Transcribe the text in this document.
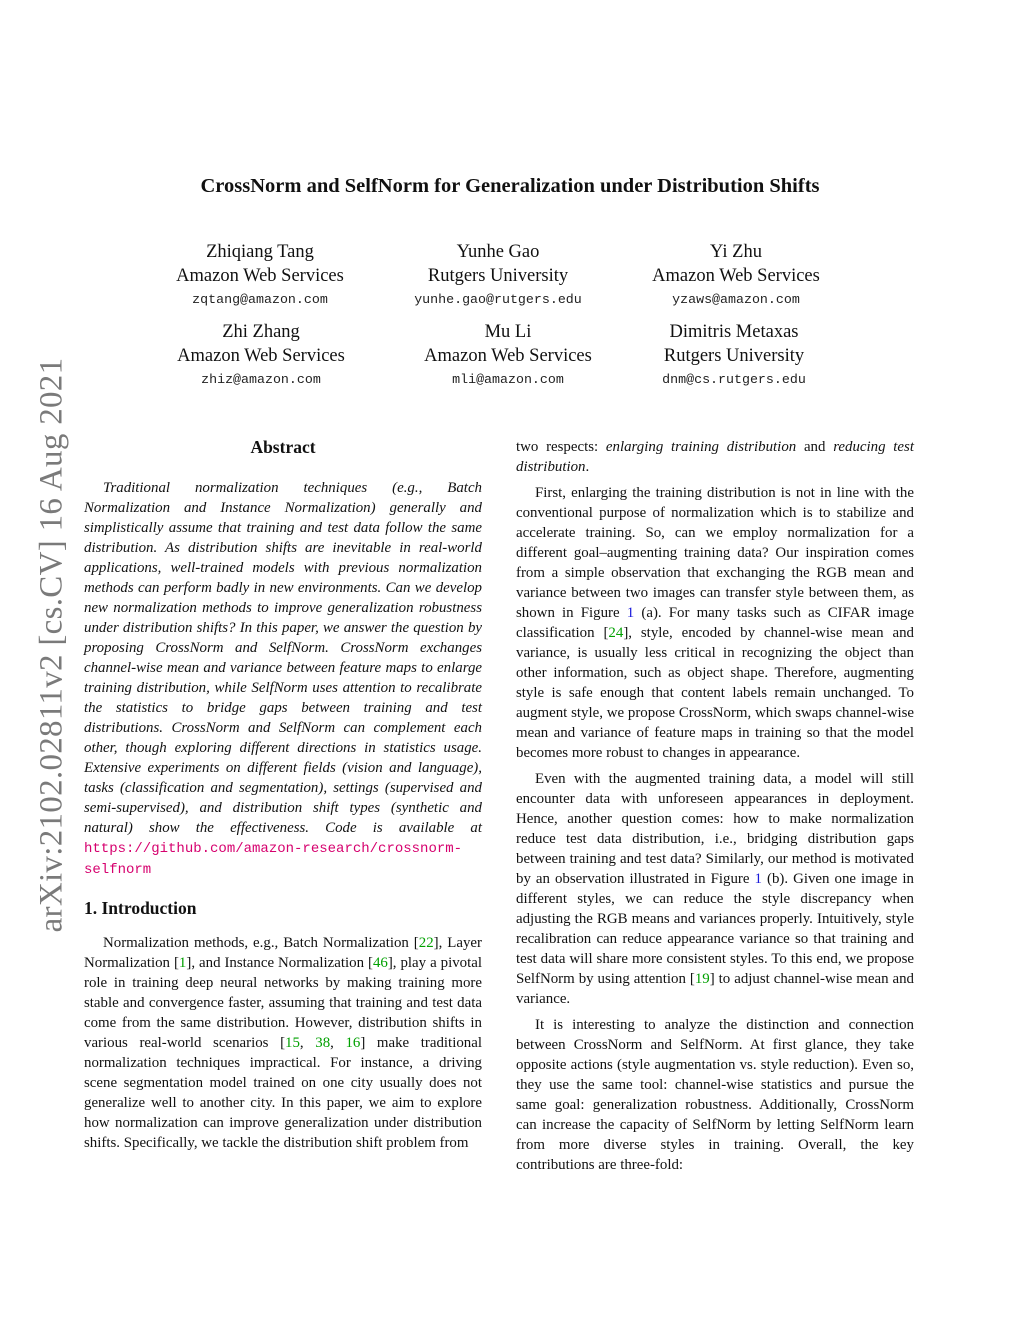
arXiv:2102.02811v2 [cs.CV] 16 Aug 2021
CrossNorm and SelfNorm for Generalization under Distribution Shifts
Zhiqiang Tang
Amazon Web Services
zqtang@amazon.com
Yunhe Gao
Rutgers University
yunhe.gao@rutgers.edu
Yi Zhu
Amazon Web Services
yzaws@amazon.com
Zhi Zhang
Amazon Web Services
zhiz@amazon.com
Mu Li
Amazon Web Services
mli@amazon.com
Dimitris Metaxas
Rutgers University
dnm@cs.rutgers.edu
Abstract

Traditional normalization techniques (e.g., Batch Normalization and Instance Normalization) generally and simplistically assume that training and test data follow the same distribution. As distribution shifts are inevitable in real-world applications, well-trained models with previous normalization methods can perform badly in new environments. Can we develop new normalization methods to improve generalization robustness under distribution shifts? In this paper, we answer the question by proposing CrossNorm and SelfNorm. CrossNorm exchanges channel-wise mean and variance between feature maps to enlarge training distribution, while SelfNorm uses attention to recalibrate the statistics to bridge gaps between training and test distributions. CrossNorm and SelfNorm can complement each other, though exploring different directions in statistics usage. Extensive experiments on different fields (vision and language), tasks (classification and segmentation), settings (supervised and semi-supervised), and distribution shift types (synthetic and natural) show the effectiveness. Code is available at https://github.com/amazon-research/crossnorm-selfnorm

1. Introduction

Normalization methods, e.g., Batch Normalization [22], Layer Normalization [1], and Instance Normalization [46], play a pivotal role in training deep neural networks by making training more stable and convergence faster, assuming that training and test data come from the same distribution. However, distribution shifts in various real-world scenarios [15, 38, 16] make traditional normalization techniques impractical. For instance, a driving scene segmentation model trained on one city usually does not generalize well to another city. In this paper, we aim to explore how normalization can improve generalization under distribution shifts. Specifically, we tackle the distribution shift problem from

two respects: enlarging training distribution and reducing test distribution.

First, enlarging the training distribution is not in line with the conventional purpose of normalization which is to stabilize and accelerate training. So, can we employ normalization for a different goal–augmenting training data? Our inspiration comes from a simple observation that exchanging the RGB mean and variance between two images can transfer style between them, as shown in Figure 1 (a). For many tasks such as CIFAR image classification [24], style, encoded by channel-wise mean and variance, is usually less critical in recognizing the object than other information, such as object shape. Therefore, augmenting style is safe enough that content labels remain unchanged. To augment style, we propose CrossNorm, which swaps channel-wise mean and variance of feature maps in training so that the model becomes more robust to changes in appearance.

Even with the augmented training data, a model will still encounter data with unforeseen appearances in deployment. Hence, another question comes: how to make normalization reduce test data distribution, i.e., bridging distribution gaps between training and test data? Similarly, our method is motivated by an observation illustrated in Figure 1 (b). Given one image in different styles, we can reduce the style discrepancy when adjusting the RGB means and variances properly. Intuitively, style recalibration can reduce appearance variance so that training and test data will share more consistent styles. To this end, we propose SelfNorm by using attention [19] to adjust channel-wise mean and variance.

It is interesting to analyze the distinction and connection between CrossNorm and SelfNorm. At first glance, they take opposite actions (style augmentation vs. style reduction). Even so, they use the same tool: channel-wise statistics and pursue the same goal: generalization robustness. Additionally, CrossNorm can increase the capacity of SelfNorm by letting SelfNorm learn from more diverse styles in training. Overall, the key contributions are three-fold:
